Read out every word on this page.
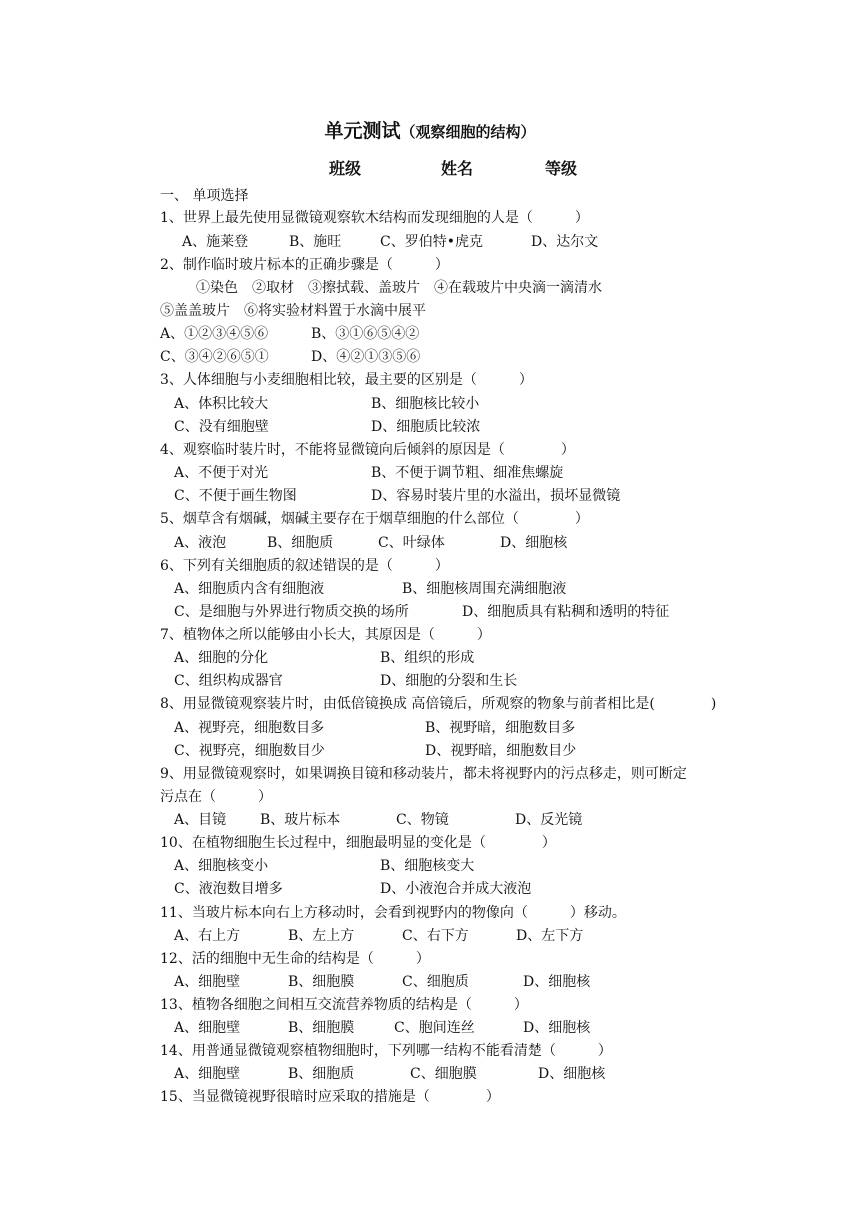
单元测试（观察细胞的结构）
班级	姓名	等级
一、 单项选择
1、世界上最先使用显微镜观察软木结构而发现细胞的人是（　　　）
A、施莱登	B、施旺	C、罗伯特•虎克	D、达尔文
2、制作临时玻片标本的正确步骤是（　　　）
①染色　②取材　③擦拭载、盖玻片　④在载玻片中央滴一滴清水
⑤盖盖玻片　⑥将实验材料置于水滴中展平
A、①②③④⑤⑥	B、③①⑥⑤④②
C、③④②⑥⑤①	D、④②①③⑤⑥
3、人体细胞与小麦细胞相比较，最主要的区别是（　　　）
A、体积比较大	B、细胞核比较小
C、没有细胞壁	D、细胞质比较浓
4、观察临时装片时，不能将显微镜向后倾斜的原因是（　　　　）
A、不便于对光	B、不便于调节粗、细准焦螺旋
C、不便于画生物图	D、容易时装片里的水溢出，损坏显微镜
5、烟草含有烟碱，烟碱主要存在于烟草细胞的什么部位（　　　　）
A、液泡	B、细胞质	C、叶绿体	D、细胞核
6、下列有关细胞质的叙述错误的是（　　　）
A、细胞质内含有细胞液	B、细胞核周围充满细胞液
C、是细胞与外界进行物质交换的场所	D、细胞质具有粘稠和透明的特征
7、植物体之所以能够由小长大，其原因是（　　　）
A、细胞的分化	B、组织的形成
C、组织构成器官	D、细胞的分裂和生长
8、用显微镜观察装片时，由低倍镜换成 高倍镜后，所观察的物象与前者相比是(　　　　)
A、视野亮，细胞数目多	B、视野暗，细胞数目多
C、视野亮，细胞数目少	D、视野暗，细胞数目少
9、用显微镜观察时，如果调换目镜和移动装片，都未将视野内的污点移走，则可断定
污点在（　　　）
A、目镜 B、玻片标本	C、物镜	D、反光镜
10、在植物细胞生长过程中，细胞最明显的变化是（　　　　）
A、细胞核变小	B、细胞核变大
C、液泡数目增多	D、小液泡合并成大液泡
11、当玻片标本向右上方移动时，会看到视野内的物像向（　　　）移动。
A、右上方	B、左上方	C、右下方	D、左下方
12、活的细胞中无生命的结构是（　　　）
A、细胞壁	B、细胞膜	C、细胞质	D、细胞核
13、植物各细胞之间相互交流营养物质的结构是（　　　）
A、细胞壁	B、细胞膜	C、胞间连丝	D、细胞核
14、用普通显微镜观察植物细胞时，下列哪一结构不能看清楚（　　　）
A、细胞壁	B、细胞质	C、细胞膜	D、细胞核
15、当显微镜视野很暗时应采取的措施是（　　　　）
